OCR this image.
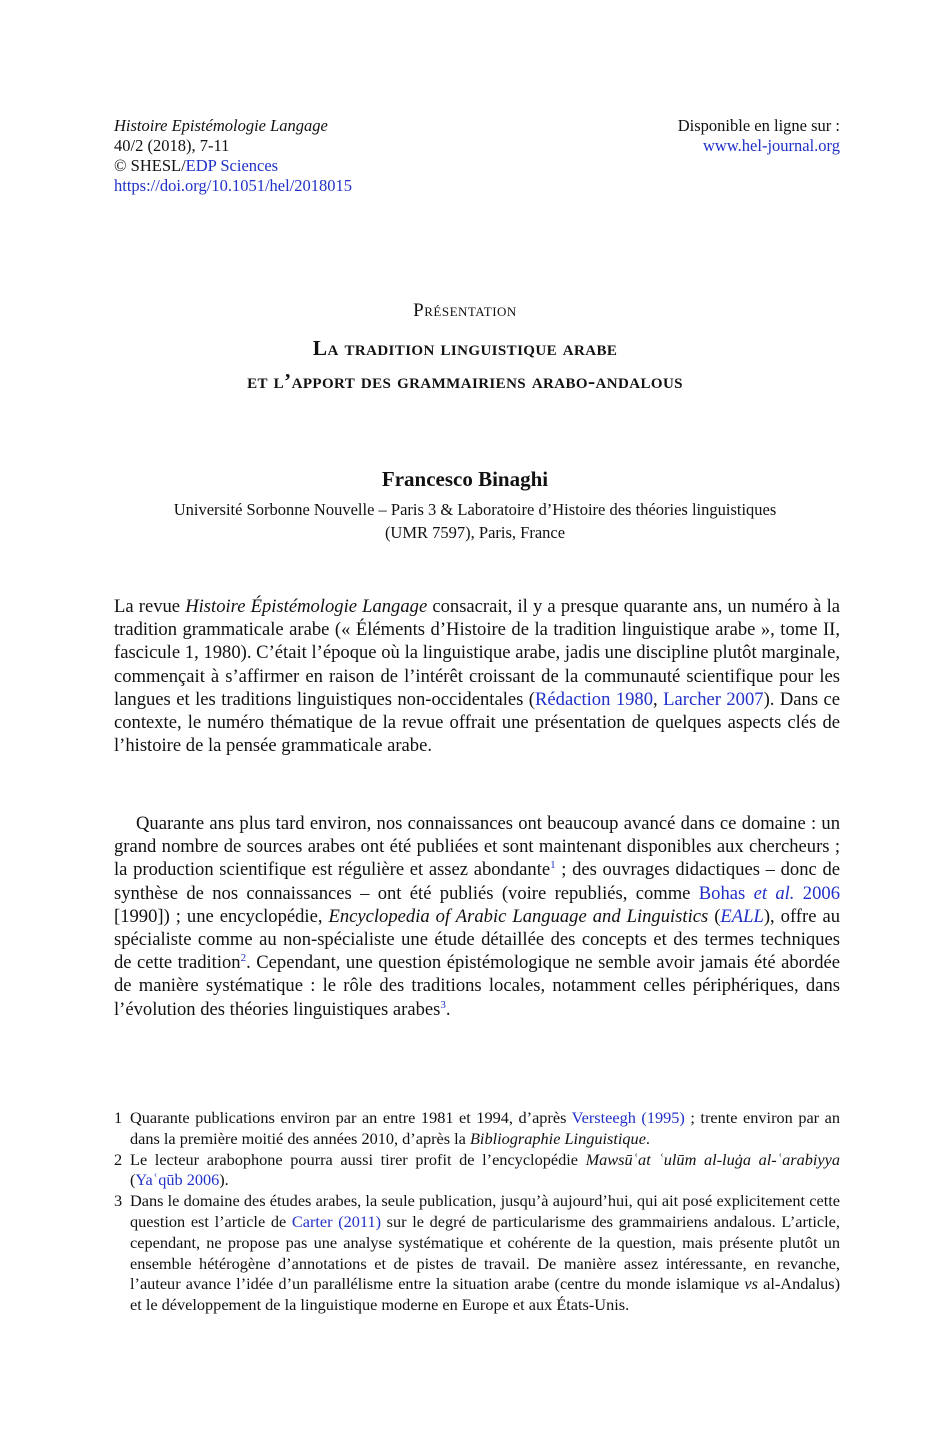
Histoire Epistémologie Langage
40/2 (2018), 7-11
© SHESL/EDP Sciences
https://doi.org/10.1051/hel/2018015
Disponible en ligne sur :
www.hel-journal.org
Présentation
La tradition linguistique arabe
et l’apport des grammairiens arabo-andalous
Francesco Binaghi
Université Sorbonne Nouvelle – Paris 3 & Laboratoire d’Histoire des théories linguistiques
(UMR 7597), Paris, France
La revue Histoire Épistémologie Langage consacrait, il y a presque quarante ans, un numéro à la tradition grammaticale arabe (« Éléments d’Histoire de la tradition linguistique arabe », tome II, fascicule 1, 1980). C’était l’époque où la linguistique arabe, jadis une discipline plutôt marginale, commençait à s’affirmer en raison de l’intérêt croissant de la communauté scientifique pour les langues et les traditions linguistiques non-occidentales (Rédaction 1980, Larcher 2007). Dans ce contexte, le numéro thématique de la revue offrait une présentation de quelques aspects clés de l’histoire de la pensée grammaticale arabe.
Quarante ans plus tard environ, nos connaissances ont beaucoup avancé dans ce domaine : un grand nombre de sources arabes ont été publiées et sont maintenant disponibles aux chercheurs ; la production scientifique est régulière et assez abondante$^1$ ; des ouvrages didactiques – donc de synthèse de nos connaissances – ont été publiés (voire republiés, comme Bohas et al. 2006 [1990]) ; une encyclopédie, Encyclopedia of Arabic Language and Linguistics (EALL), offre au spécialiste comme au non-spécialiste une étude détaillée des concepts et des termes techniques de cette tradition$^2$. Cependant, une question épistémologique ne semble avoir jamais été abordée de manière systématique : le rôle des traditions locales, notamment celles périphériques, dans l’évolution des théories linguistiques arabes$^3$.
1 Quarante publications environ par an entre 1981 et 1994, d’après Versteegh (1995) ; trente environ par an dans la première moitié des années 2010, d’après la Bibliographie Linguistique.
2 Le lecteur arabophone pourra aussi tirer profit de l’encyclopédie Mawsūʿat ʿulūm al-luġa al-ʿarabiyya (Yaʿqūb 2006).
3 Dans le domaine des études arabes, la seule publication, jusqu’à aujourd’hui, qui ait posé explicitement cette question est l’article de Carter (2011) sur le degré de particularisme des grammairiens andalous. L’article, cependant, ne propose pas une analyse systématique et cohérente de la question, mais présente plutôt un ensemble hétérogène d’annotations et de pistes de travail. De manière assez intéressante, en revanche, l’auteur avance l’idée d’un parallélisme entre la situation arabe (centre du monde islamique vs al-Andalus) et le développement de la linguistique moderne en Europe et aux États-Unis.
